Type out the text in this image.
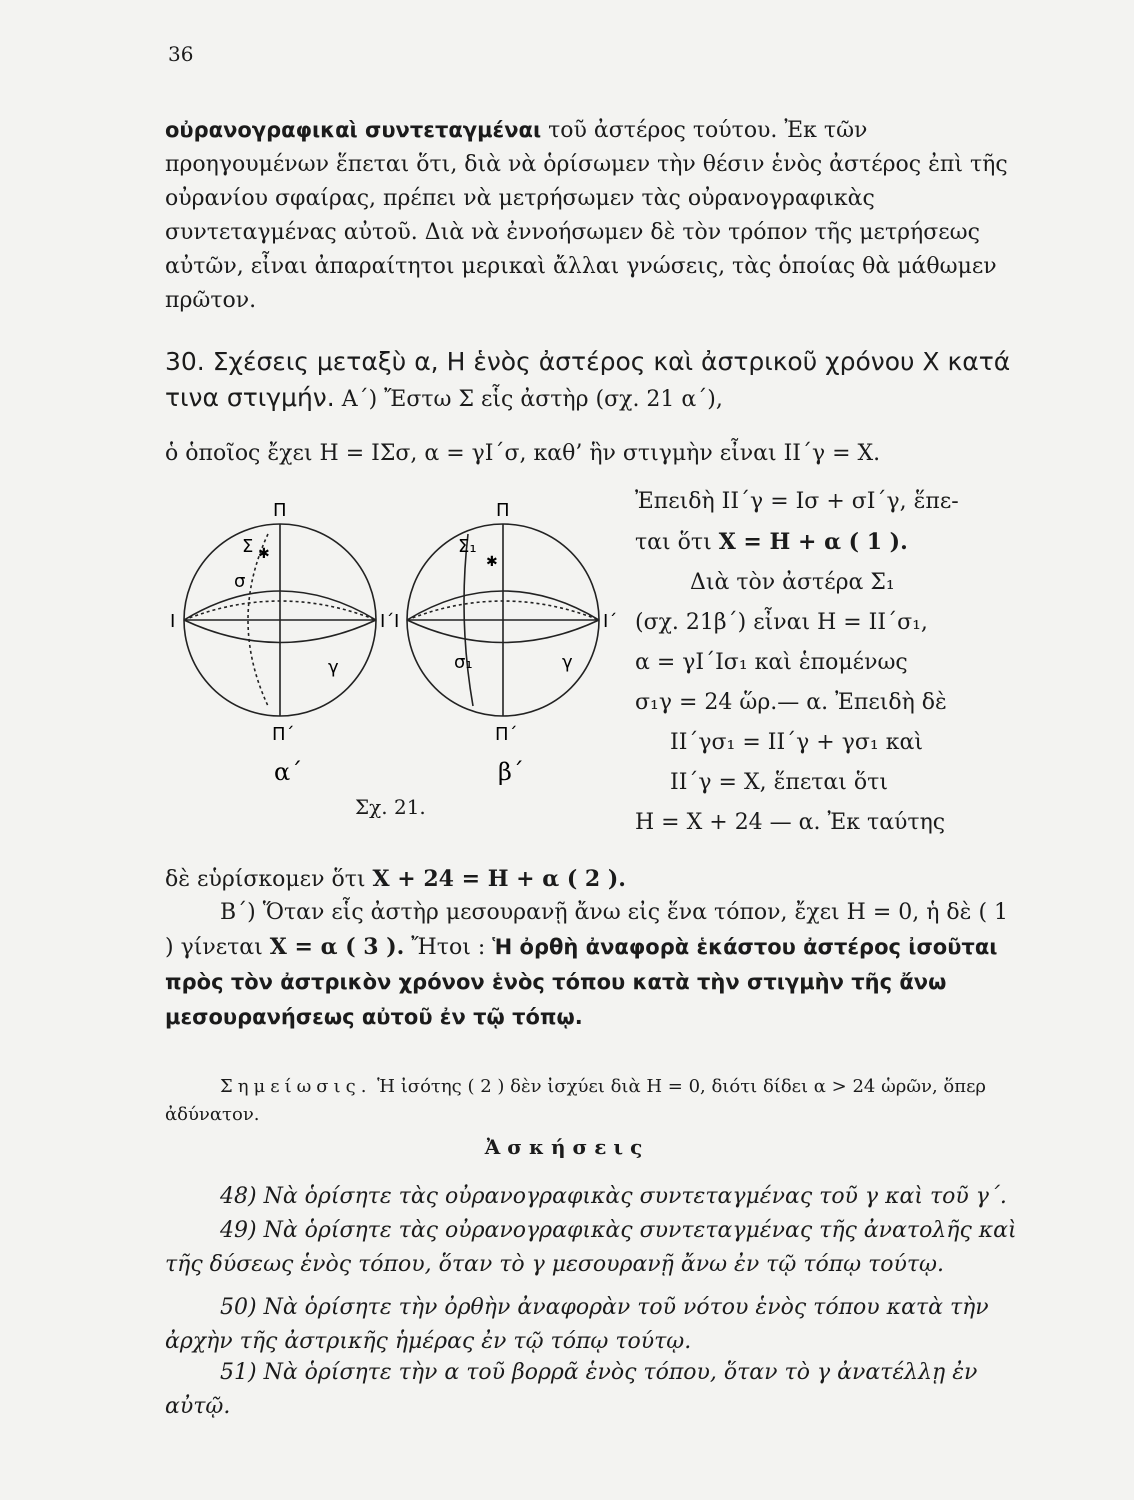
36

οὐρανογραφικαὶ συντεταγμέναι τοῦ ἀστέρος τούτου. Ἐκ τῶν προηγουμένων ἕπεται ὅτι, διὰ νὰ ὁρίσωμεν τὴν θέσιν ἑνὸς ἀστέρος ἐπὶ τῆς οὐρανίου σφαίρας, πρέπει νὰ μετρήσωμεν τὰς οὐρανογραφικὰς συντεταγμένας αὐτοῦ. Διὰ νὰ ἐννοήσωμεν δὲ τὸν τρόπον τῆς μετρήσεως αὐτῶν, εἶναι ἀπαραίτητοι μερικαὶ ἄλλαι γνώσεις, τὰς ὁποίας θὰ μάθωμεν πρῶτον.

30. Σχέσεις μεταξὺ α, Η ἑνὸς ἀστέρος καὶ ἀστρικοῦ χρόνου Χ κατά τινα στιγμήν. Α΄) Ἔστω Σ εἷς ἀστὴρ (σχ. 21 α΄),
ὁ ὁποῖος ἔχει Η = ΙΣσ, α = γΙ΄σ, καθ’ ἣν στιγμὴν εἶναι ΙΙ΄γ = Χ.
Π
Π΄
Ι	Ι΄
Σ ✱
σ
γ
α΄
Π
Π΄
Ι	Ι΄
Σ₁
✱
σ₁	γ
β΄
Σχ. 21.
Ἐπειδὴ ΙΙ΄γ = Ισ + σΙ΄γ, ἕπε-
ται ὅτι Χ = Η + α ( 1 ).
Διὰ τὸν ἀστέρα Σ₁
(σχ. 21β΄) εἶναι Η = ΙΙ΄σ₁,
α = γΙ΄Ισ₁ καὶ ἑπομένως
σ₁γ = 24 ὥρ.— α. Ἐπειδὴ δὲ
ΙΙ΄γσ₁ = ΙΙ΄γ + γσ₁ καὶ
ΙΙ΄γ = Χ, ἕπεται ὅτι
Η = Χ + 24 — α. Ἐκ ταύτης
δὲ εὑρίσκομεν ὅτι Χ + 24 = Η + α ( 2 ).

Β΄) Ὅταν εἷς ἀστὴρ μεσουρανῇ ἄνω εἰς ἕνα τόπον, ἔχει Η = 0, ἡ δὲ ( 1 ) γίνεται Χ = α ( 3 ). Ἤτοι : Ἡ ὀρθὴ ἀναφορὰ ἑκάστου ἀστέρος ἰσοῦται πρὸς τὸν ἀστρικὸν χρόνον ἑνὸς τόπου κατὰ τὴν στιγμὴν τῆς ἄνω μεσουρανήσεως αὐτοῦ ἐν τῷ τόπῳ.

Σημείωσις. Ἡ ἰσότης ( 2 ) δὲν ἰσχύει διὰ Η = 0, διότι δίδει α > 24 ὡρῶν, ὅπερ ἀδύνατον.
Ἀσκήσεις
48) Νὰ ὁρίσητε τὰς οὐρανογραφικὰς συντεταγμένας τοῦ γ καὶ τοῦ γ΄.
49) Νὰ ὁρίσητε τὰς οὐρανογραφικὰς συντεταγμένας τῆς ἀνατολῆς καὶ τῆς δύσεως ἑνὸς τόπου, ὅταν τὸ γ μεσουρανῇ ἄνω ἐν τῷ τόπῳ τούτῳ.
50) Νὰ ὁρίσητε τὴν ὀρθὴν ἀναφορὰν τοῦ νότου ἑνὸς τόπου κατὰ τὴν ἀρχὴν τῆς ἀστρικῆς ἡμέρας ἐν τῷ τόπῳ τούτῳ.
51) Νὰ ὁρίσητε τὴν α τοῦ βορρᾶ ἑνὸς τόπου, ὅταν τὸ γ ἀνατέλλῃ ἐν αὐτῷ.
